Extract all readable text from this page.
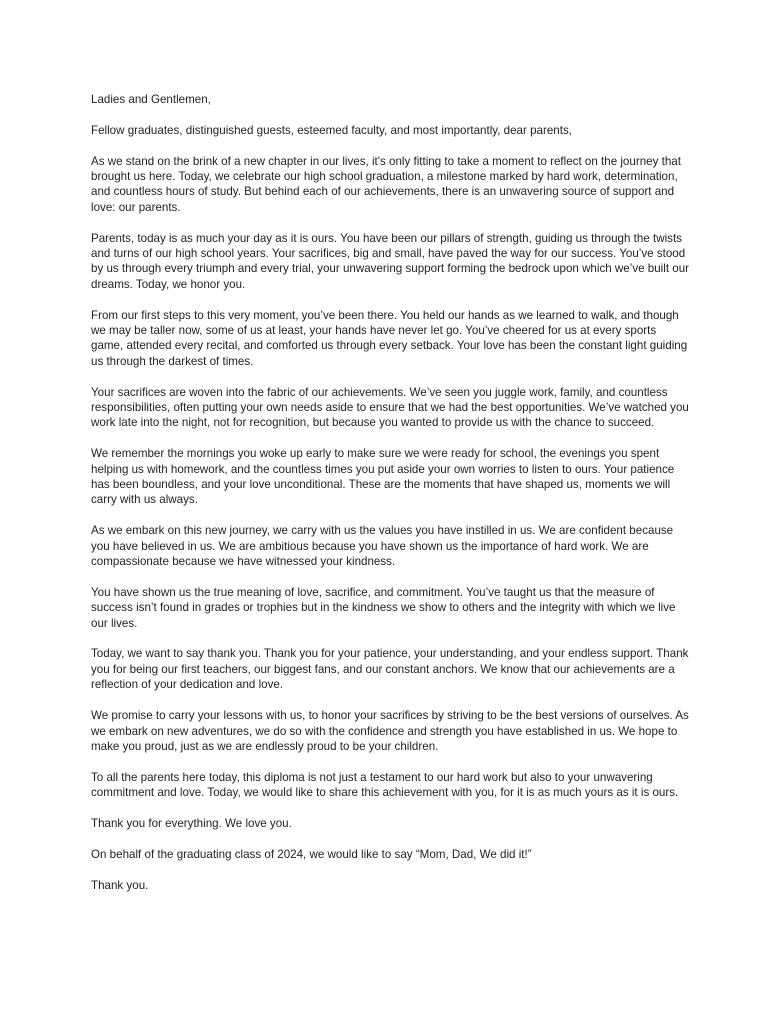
Ladies and Gentlemen,

Fellow graduates, distinguished guests, esteemed faculty, and most importantly, dear parents,

As we stand on the brink of a new chapter in our lives, it's only fitting to take a moment to reflect on the journey that brought us here. Today, we celebrate our high school graduation, a milestone marked by hard work, determination, and countless hours of study. But behind each of our achievements, there is an unwavering source of support and love: our parents.

Parents, today is as much your day as it is ours. You have been our pillars of strength, guiding us through the twists and turns of our high school years. Your sacrifices, big and small, have paved the way for our success. You’ve stood by us through every triumph and every trial, your unwavering support forming the bedrock upon which we’ve built our dreams. Today, we honor you.

From our first steps to this very moment, you’ve been there. You held our hands as we learned to walk, and though we may be taller now, some of us at least, your hands have never let go. You’ve cheered for us at every sports game, attended every recital, and comforted us through every setback. Your love has been the constant light guiding us through the darkest of times.

Your sacrifices are woven into the fabric of our achievements. We’ve seen you juggle work, family, and countless responsibilities, often putting your own needs aside to ensure that we had the best opportunities. We’ve watched you work late into the night, not for recognition, but because you wanted to provide us with the chance to succeed.

We remember the mornings you woke up early to make sure we were ready for school, the evenings you spent helping us with homework, and the countless times you put aside your own worries to listen to ours. Your patience has been boundless, and your love unconditional. These are the moments that have shaped us, moments we will carry with us always.

As we embark on this new journey, we carry with us the values you have instilled in us. We are confident because you have believed in us. We are ambitious because you have shown us the importance of hard work. We are compassionate because we have witnessed your kindness.

You have shown us the true meaning of love, sacrifice, and commitment. You’ve taught us that the measure of success isn’t found in grades or trophies but in the kindness we show to others and the integrity with which we live our lives.

Today, we want to say thank you. Thank you for your patience, your understanding, and your endless support. Thank you for being our first teachers, our biggest fans, and our constant anchors. We know that our achievements are a reflection of your dedication and love.

We promise to carry your lessons with us, to honor your sacrifices by striving to be the best versions of ourselves. As we embark on new adventures, we do so with the confidence and strength you have established in us. We hope to make you proud, just as we are endlessly proud to be your children.

To all the parents here today, this diploma is not just a testament to our hard work but also to your unwavering commitment and love. Today, we would like to share this achievement with you, for it is as much yours as it is ours.

Thank you for everything. We love you.

On behalf of the graduating class of 2024, we would like to say “Mom, Dad, We did it!”

Thank you.
